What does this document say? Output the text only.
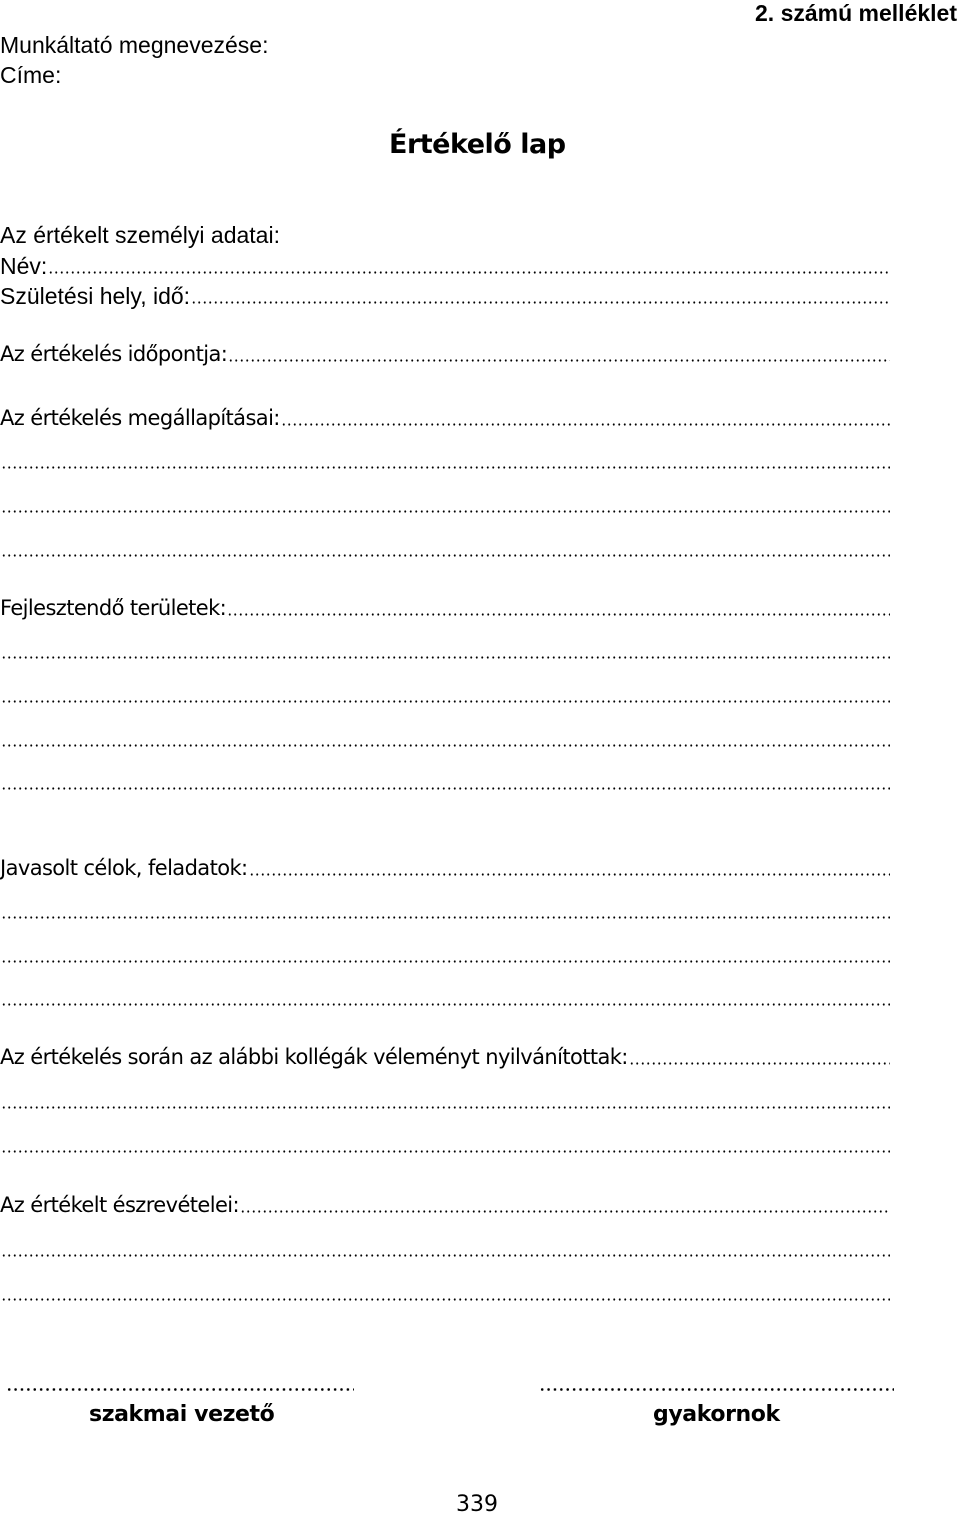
Munkáltató megnevezése:
Címe:
2. számú melléklet
Értékelő lap
Az értékelt személyi adatai:
Név:
Születési hely, idő:
Az értékelés időpontja:
Az értékelés megállapításai:
Fejlesztendő területek:
Javasolt célok, feladatok:
Az értékelés során az alábbi kollégák véleményt nyilvánítottak:
Az értékelt észrevételei:
szakmai vezető	gyakornok
339
